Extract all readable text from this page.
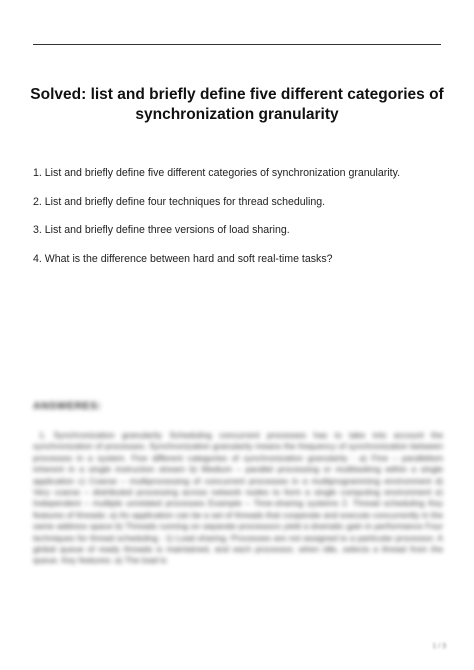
Solved: list and briefly define five different categories of synchronization granularity
1. List and briefly define five different categories of synchronization granularity.
2. List and briefly define four techniques for thread scheduling.
3. List and briefly define three versions of load sharing.
4. What is the difference between hard and soft real-time tasks?
ANSWERES:

1. Synchronization granularity Scheduling concurrent processes has to take into account the synchronization of processes. Synchronization granularity means the frequency of synchronization between processes in a system. Five different categories of synchronization granularity : a) Fine – parallelism inherent in a single instruction stream b) Medium – parallel processing or multitasking within a single application c) Coarse – multiprocessing of concurrent processes in a multiprogramming environment d) Very coarse – distributed processing across network nodes to form a single computing environment e) Independent – multiple unrelated processes Example – Time-sharing systems 2. Thread scheduling Key features of threads: a) An application can be a set of threads that cooperate and execute concurrently in the same address space b) Threads running on separate processors yield a dramatic gain in performance Four techniques for thread scheduling : 1) Load sharing: Processes are not assigned to a particular processor. A global queue of ready threads is maintained, and each processor, when idle, selects a thread from the queue. Key features: a) The load is

1 / 3
